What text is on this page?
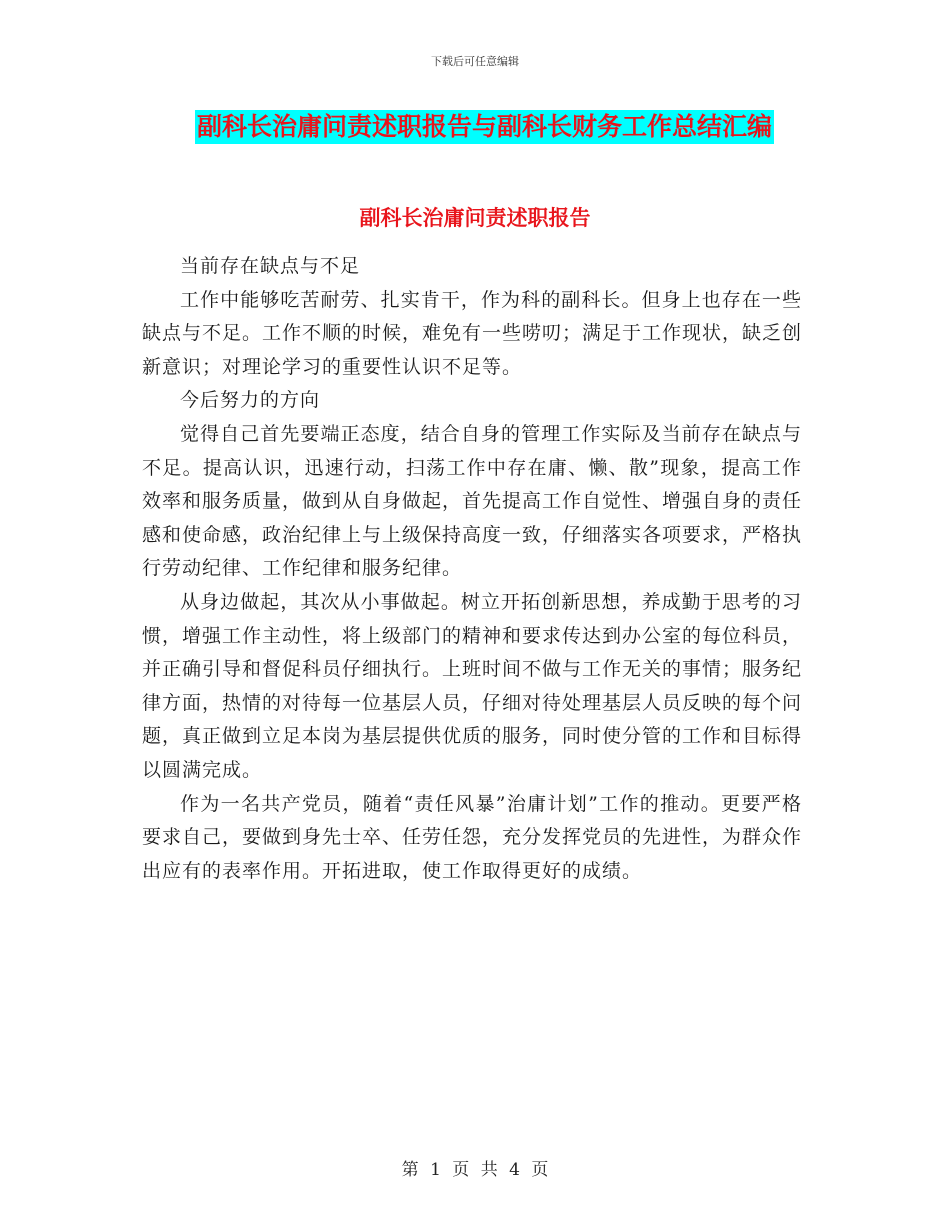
下载后可任意编辑
副科长治庸问责述职报告与副科长财务工作总结汇编
副科长治庸问责述职报告

当前存在缺点与不足

工作中能够吃苦耐劳、扎实肯干，作为科的副科长。但身上也存在一些缺点与不足。工作不顺的时候，难免有一些唠叨；满足于工作现状，缺乏创新意识；对理论学习的重要性认识不足等。

今后努力的方向

觉得自己首先要端正态度，结合自身的管理工作实际及当前存在缺点与不足。提高认识，迅速行动，扫荡工作中存在庸、懒、散”现象，提高工作效率和服务质量，做到从自身做起，首先提高工作自觉性、增强自身的责任感和使命感，政治纪律上与上级保持高度一致，仔细落实各项要求，严格执行劳动纪律、工作纪律和服务纪律。

从身边做起，其次从小事做起。树立开拓创新思想，养成勤于思考的习惯，增强工作主动性，将上级部门的精神和要求传达到办公室的每位科员，并正确引导和督促科员仔细执行。上班时间不做与工作无关的事情；服务纪律方面，热情的对待每一位基层人员，仔细对待处理基层人员反映的每个问题，真正做到立足本岗为基层提供优质的服务，同时使分管的工作和目标得以圆满完成。

作为一名共产党员，随着“责任风暴”治庸计划”工作的推动。更要严格要求自己，要做到身先士卒、任劳任怨，充分发挥党员的先进性，为群众作出应有的表率作用。开拓进取，使工作取得更好的成绩。

第 1 页 共 4 页
